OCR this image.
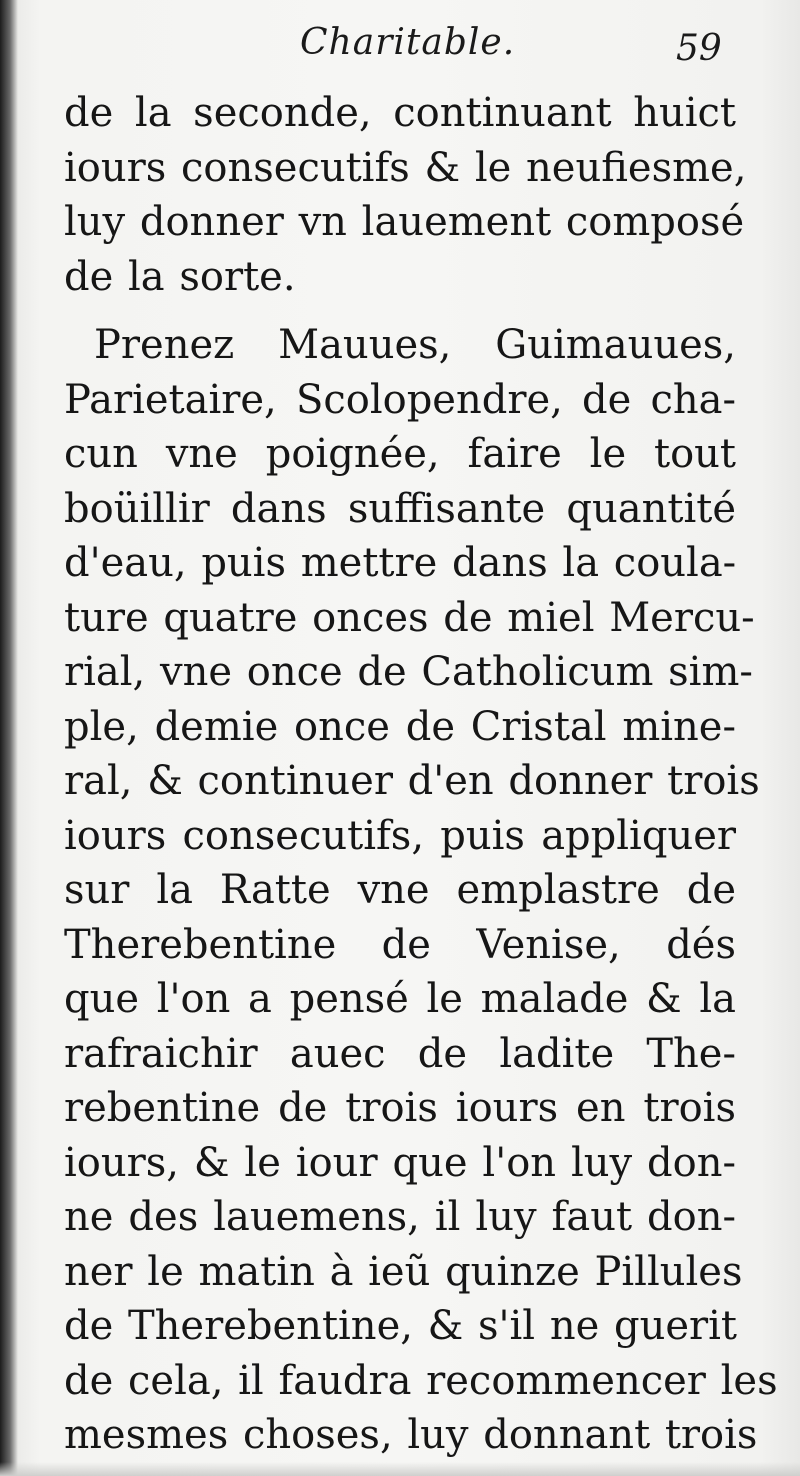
Charitable.	59
de la seconde, continuant huict
iours consecutifs & le neufiesme,
luy donner vn lauement composé
de la sorte.
Prenez Mauues, Guimauues,
Parietaire, Scolopendre, de cha-
cun vne poignée, faire le tout
boüillir dans suffisante quantité
d'eau, puis mettre dans la coula-
ture quatre onces de miel Mercu-
rial, vne once de Catholicum sim-
ple, demie once de Cristal mine-
ral, & continuer d'en donner trois
iours consecutifs, puis appliquer
sur la Ratte vne emplastre de
Therebentine de Venise, dés
que l'on a pensé le malade & la
rafraichir auec de ladite The-
rebentine de trois iours en trois
iours, & le iour que l'on luy don-
ne des lauemens, il luy faut don-
ner le matin à ieũ quinze Pillules
de Therebentine, & s'il ne guerit
de cela, il faudra recommencer les
mesmes choses, luy donnant trois
